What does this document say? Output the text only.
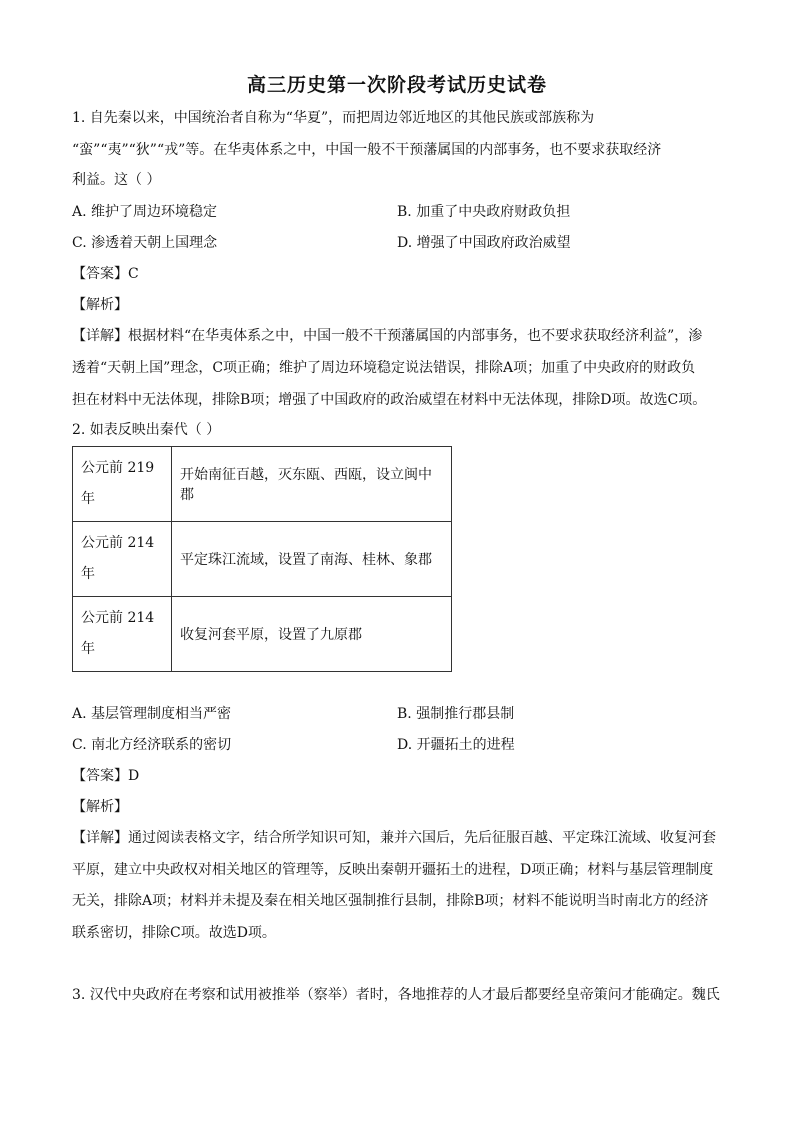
高三历史第一次阶段考试历史试卷
1. 自先秦以来，中国统治者自称为“华夏”，而把周边邻近地区的其他民族或部族称为
“蛮”“夷”“狄”“戎”等。在华夷体系之中，中国一般不干预藩属国的内部事务，也不要求获取经济
利益。这（ ）
A. 维护了周边环境稳定	B. 加重了中央政府财政负担
C. 渗透着天朝上国理念	D. 增强了中国政府政治威望
【答案】C
【解析】
【详解】根据材料“在华夷体系之中，中国一般不干预藩属国的内部事务，也不要求获取经济利益”，渗
透着“天朝上国”理念，C项正确；维护了周边环境稳定说法错误，排除A项；加重了中央政府的财政负
担在材料中无法体现，排除B项；增强了中国政府的政治威望在材料中无法体现，排除D项。故选C项。
2. 如表反映出秦代（ ）
公元前 219 年	开始南征百越，灭东瓯、西瓯，设立闽中郡
公元前 214 年	平定珠江流域，设置了南海、桂林、象郡
公元前 214 年	收复河套平原，设置了九原郡
A. 基层管理制度相当严密	B. 强制推行郡县制
C. 南北方经济联系的密切	D. 开疆拓土的进程
【答案】D
【解析】
【详解】通过阅读表格文字，结合所学知识可知，兼并六国后，先后征服百越、平定珠江流域、收复河套
平原，建立中央政权对相关地区的管理等，反映出秦朝开疆拓土的进程，D项正确；材料与基层管理制度
无关，排除A项；材料并未提及秦在相关地区强制推行县制，排除B项；材料不能说明当时南北方的经济
联系密切，排除C项。故选D项。
3. 汉代中央政府在考察和试用被推举（察举）者时，各地推荐的人才最后都要经皇帝策问才能确定。魏氏
